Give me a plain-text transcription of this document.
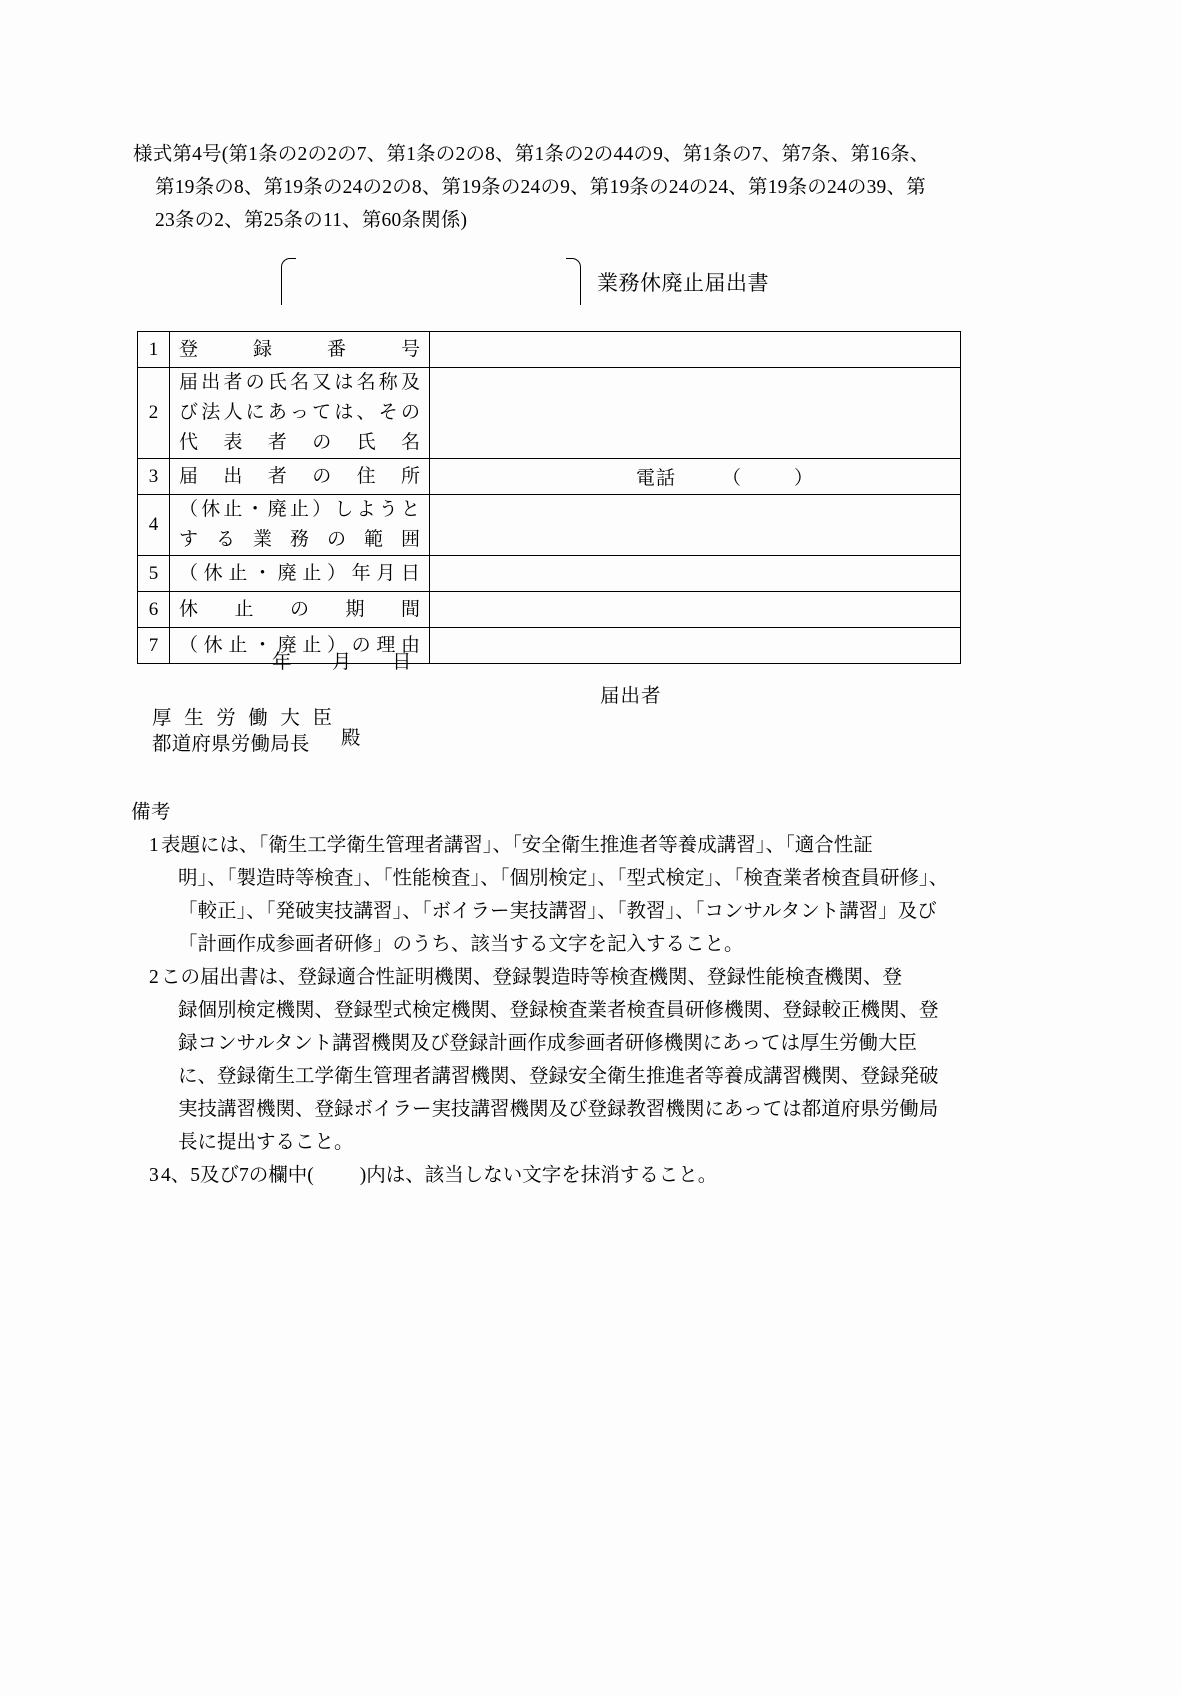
様式第4号(第1条の2の2の7、第1条の2の8、第1条の2の44の9、第1条の7、第7条、第16条、
第19条の8、第19条の24の2の8、第19条の24の9、第19条の24の24、第19条の24の39、第
23条の2、第25条の11、第60条関係)
業務休廃止届出書
1	登録番号	

2	届出者の氏名又は名称及
び法人にあっては、その
代表者の氏名	

3	届出者の住所	電話 （ ）

4	（休止・廃止）しようと
する業務の範囲	

5	（休止・廃止）年月日	

6	休止の期間	

7	（休止・廃止）の理由	

年 月 日
届出者
厚生労働大臣
都道府県労働局長	殿
備考
1 表題には、「衛生工学衛生管理者講習」、「安全衛生推進者等養成講習」、「適合性証
明」、「製造時等検査」、「性能検査」、「個別検定」、「型式検定」、「検査業者検査員研修」、
「較正」、「発破実技講習」、「ボイラー実技講習」、「教習」、「コンサルタント講習」及び
「計画作成参画者研修」のうち、該当する文字を記入すること。
2 この届出書は、登録適合性証明機関、登録製造時等検査機関、登録性能検査機関、登
録個別検定機関、登録型式検定機関、登録検査業者検査員研修機関、登録較正機関、登
録コンサルタント講習機関及び登録計画作成参画者研修機関にあっては厚生労働大臣
に、登録衛生工学衛生管理者講習機関、登録安全衛生推進者等養成講習機関、登録発破
実技講習機関、登録ボイラー実技講習機関及び登録教習機関にあっては都道府県労働局
長に提出すること。
3 4、5及び7の欄中( )内は、該当しない文字を抹消すること。
